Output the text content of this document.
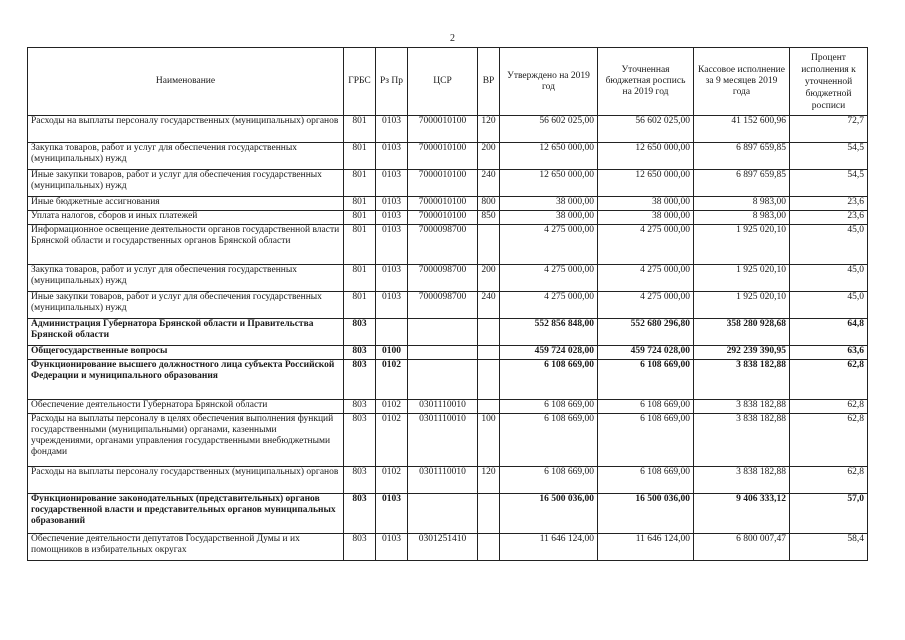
2
Наименование	ГРБС	Рз Пр	ЦСР	ВР	Утверждено на 2019 год	Уточненная бюджетная роспись на 2019 год	Кассовое исполнение за 9 месяцев 2019 года	Процент исполнения к уточненной бюджетной росписи

Расходы на выплаты персоналу государственных (муниципальных) органов	801	0103	7000010100	120	56 602 025,00	56 602 025,00	41 152 600,96	72,7
Закупка товаров, работ и услуг для обеспечения государственных (муниципальных) нужд	801	0103	7000010100	200	12 650 000,00	12 650 000,00	6 897 659,85	54,5
Иные закупки товаров, работ и услуг для обеспечения государственных (муниципальных) нужд	801	0103	7000010100	240	12 650 000,00	12 650 000,00	6 897 659,85	54,5
Иные бюджетные ассигнования	801	0103	7000010100	800	38 000,00	38 000,00	8 983,00	23,6
Уплата налогов, сборов и иных платежей	801	0103	7000010100	850	38 000,00	38 000,00	8 983,00	23,6
Информационное освещение деятельности органов государственной власти Брянской области и государственных органов Брянской области	801	0103	7000098700		4 275 000,00	4 275 000,00	1 925 020,10	45,0
Закупка товаров, работ и услуг для обеспечения государственных (муниципальных) нужд	801	0103	7000098700	200	4 275 000,00	4 275 000,00	1 925 020,10	45,0
Иные закупки товаров, работ и услуг для обеспечения государственных (муниципальных) нужд	801	0103	7000098700	240	4 275 000,00	4 275 000,00	1 925 020,10	45,0
Администрация Губернатора Брянской области и Правительства Брянской области	803				552 856 848,00	552 680 296,80	358 280 928,68	64,8
Общегосударственные вопросы	803	0100			459 724 028,00	459 724 028,00	292 239 390,95	63,6
Функционирование высшего должностного лица субъекта Российской Федерации и муниципального образования	803	0102			6 108 669,00	6 108 669,00	3 838 182,88	62,8
Обеспечение деятельности Губернатора Брянской области	803	0102	0301110010		6 108 669,00	6 108 669,00	3 838 182,88	62,8
Расходы на выплаты персоналу в целях обеспечения выполнения функций государственными (муниципальными) органами, казенными учреждениями, органами управления государственными внебюджетными фондами	803	0102	0301110010	100	6 108 669,00	6 108 669,00	3 838 182,88	62,8
Расходы на выплаты персоналу государственных (муниципальных) органов	803	0102	0301110010	120	6 108 669,00	6 108 669,00	3 838 182,88	62,8
Функционирование законодательных (представительных) органов государственной власти и представительных органов муниципальных образований	803	0103			16 500 036,00	16 500 036,00	9 406 333,12	57,0
Обеспечение деятельности депутатов Государственной Думы и их помощников в избирательных округах	803	0103	0301251410		11 646 124,00	11 646 124,00	6 800 007,47	58,4
